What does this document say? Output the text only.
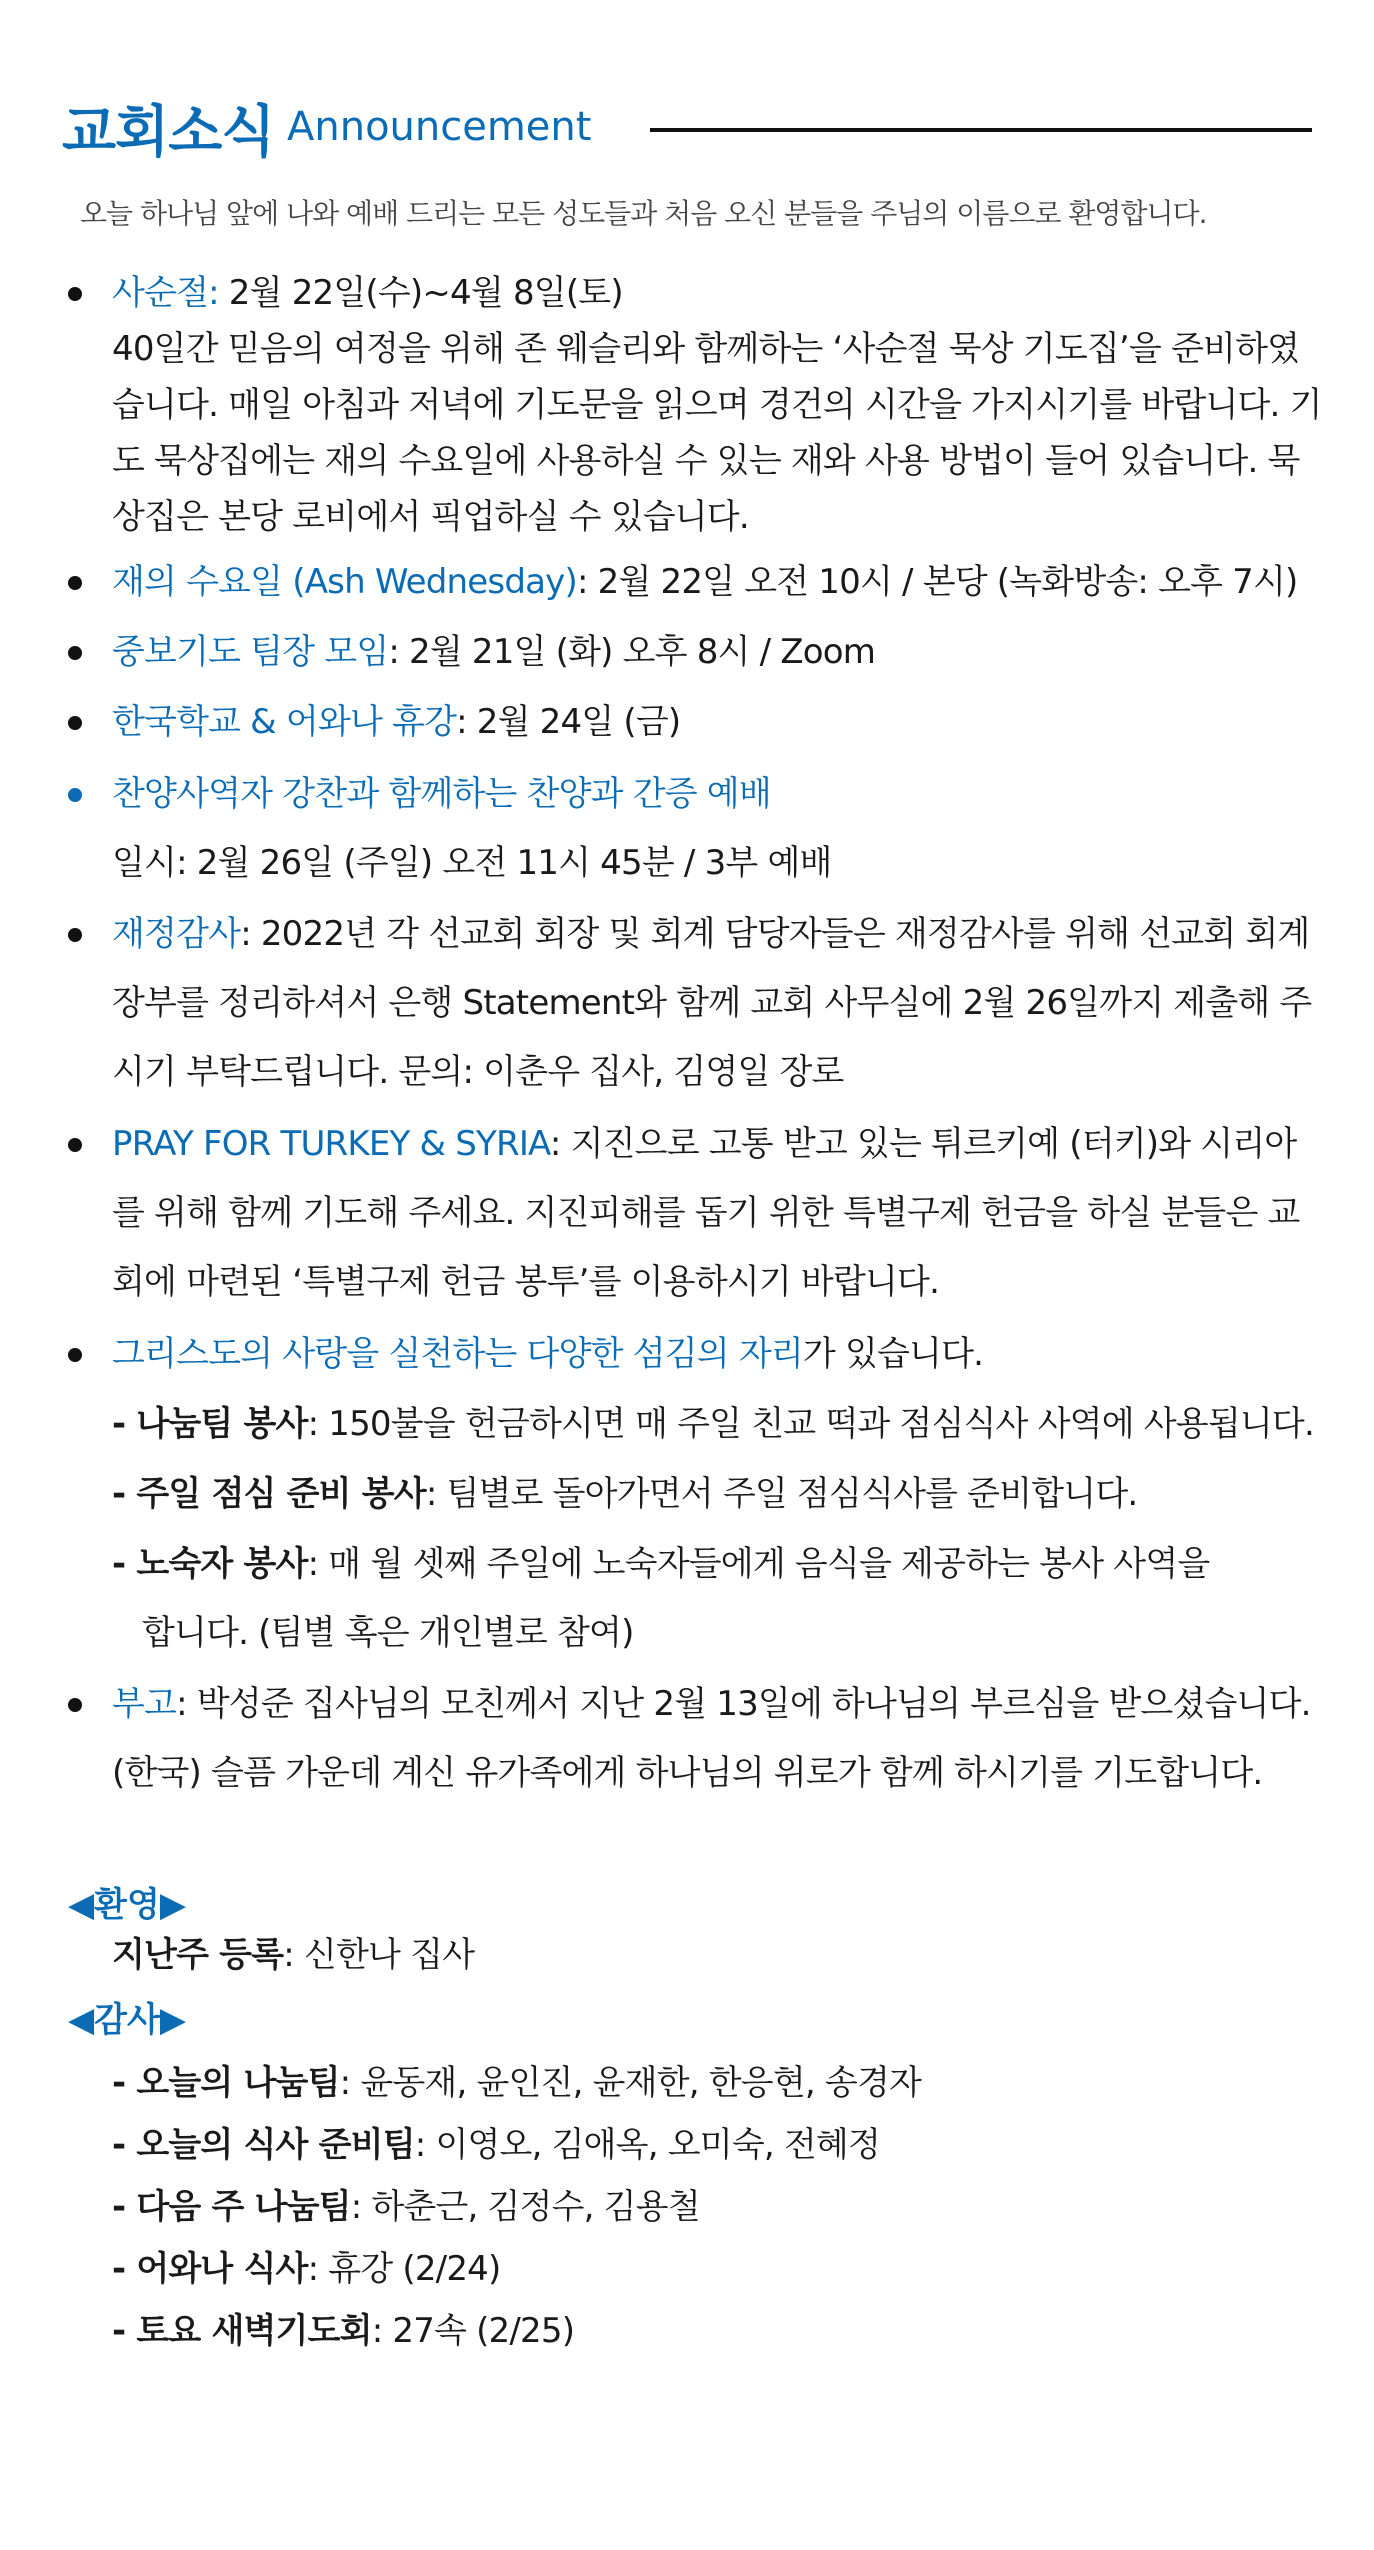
교회소식 Announcement
오늘 하나님 앞에 나와 예배 드리는 모든 성도들과 처음 오신 분들을 주님의 이름으로 환영합니다.
사순절: 2월 22일(수)~4월 8일(토)
40일간 믿음의 여정을 위해 존 웨슬리와 함께하는 ‘사순절 묵상 기도집’을 준비하였습니다. 매일 아침과 저녁에 기도문을 읽으며 경건의 시간을 가지시기를 바랍니다. 기도 묵상집에는 재의 수요일에 사용하실 수 있는 재와 사용 방법이 들어 있습니다. 묵상집은 본당 로비에서 픽업하실 수 있습니다.
재의 수요일 (Ash Wednesday): 2월 22일 오전 10시 / 본당 (녹화방송: 오후 7시)
중보기도 팀장 모임: 2월 21일 (화) 오후 8시 / Zoom
한국학교 & 어와나 휴강: 2월 24일 (금)
찬양사역자 강찬과 함께하는 찬양과 간증 예배
일시: 2월 26일 (주일) 오전 11시 45분 / 3부 예배
재정감사: 2022년 각 선교회 회장 및 회계 담당자들은 재정감사를 위해 선교회 회계장부를 정리하셔서 은행 Statement와 함께 교회 사무실에 2월 26일까지 제출해 주시기 부탁드립니다. 문의: 이춘우 집사, 김영일 장로
PRAY FOR TURKEY & SYRIA: 지진으로 고통 받고 있는 튀르키예 (터키)와 시리아를 위해 함께 기도해 주세요. 지진피해를 돕기 위한 특별구제 헌금을 하실 분들은 교회에 마련된 ‘특별구제 헌금 봉투’를 이용하시기 바랍니다.
그리스도의 사랑을 실천하는 다양한 섬김의 자리가 있습니다.
- 나눔팀 봉사: 150불을 헌금하시면 매 주일 친교 떡과 점심식사 사역에 사용됩니다.
- 주일 점심 준비 봉사: 팀별로 돌아가면서 주일 점심식사를 준비합니다.
- 노숙자 봉사: 매 월 셋째 주일에 노숙자들에게 음식을 제공하는 봉사 사역을
합니다. (팀별 혹은 개인별로 참여)
부고: 박성준 집사님의 모친께서 지난 2월 13일에 하나님의 부르심을 받으셨습니다.(한국) 슬픔 가운데 계신 유가족에게 하나님의 위로가 함께 하시기를 기도합니다.
◀환영▶
지난주 등록: 신한나 집사
◀감사▶
- 오늘의 나눔팀: 윤동재, 윤인진, 윤재한, 한응현, 송경자
- 오늘의 식사 준비팀: 이영오, 김애옥, 오미숙, 전혜정
- 다음 주 나눔팀: 하춘근, 김정수, 김용철
- 어와나 식사: 휴강 (2/24)
- 토요 새벽기도회: 27속 (2/25)
